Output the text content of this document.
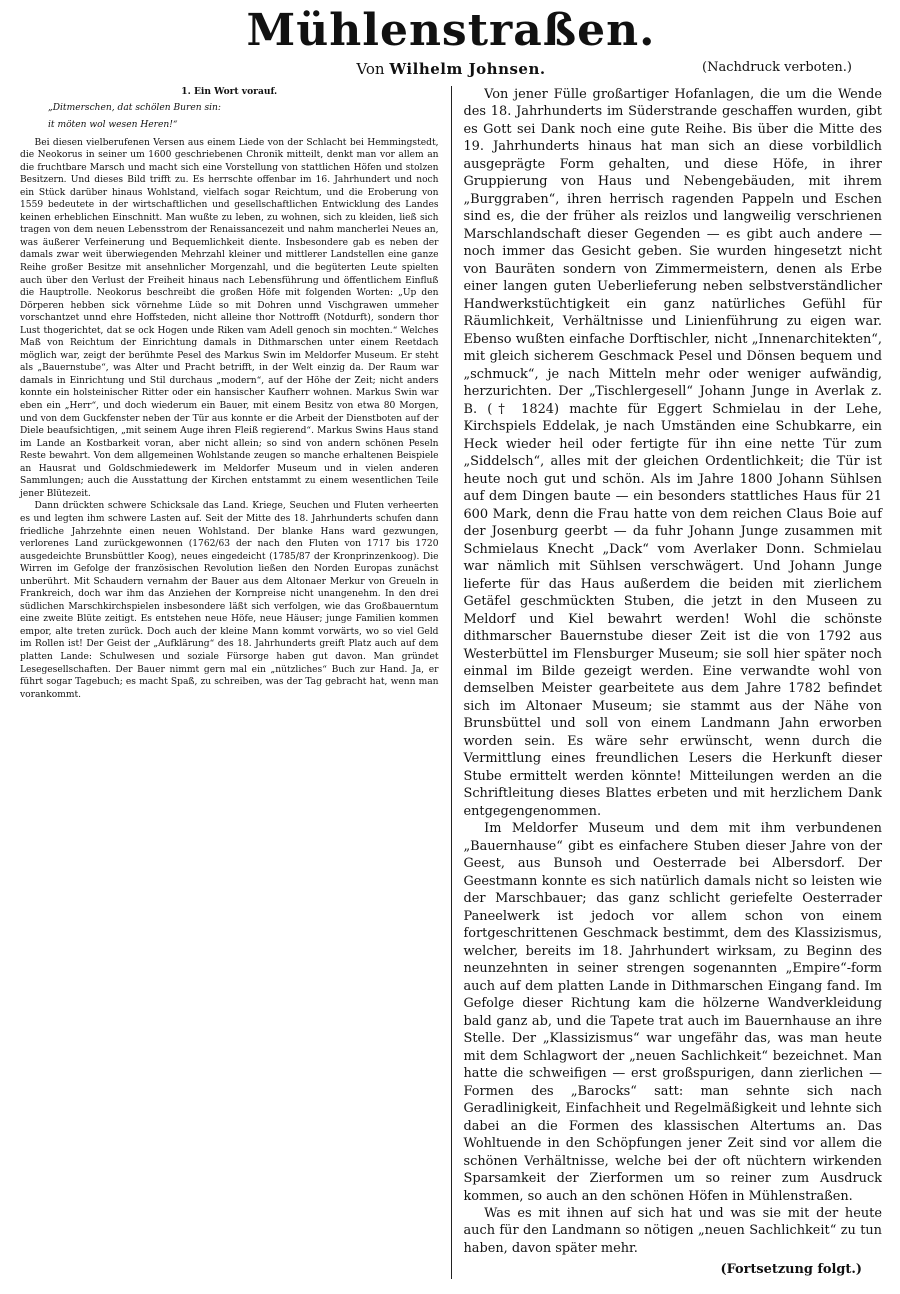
Mühlenstraßen.
Von Wilhelm Johnsen.	(Nachdruck verboten.)
1. Ein Wort vorauf.
„Ditmerschen, dat schölen Buren sin:
it möten wol wesen Heren!“

Bei diesen vielberufenen Versen aus einem Liede von der Schlacht bei Hemmingstedt, die Neokorus in seiner um 1600 geschriebenen Chronik mitteilt, denkt man vor allem an die fruchtbare Marsch und macht sich eine Vorstellung von stattlichen Höfen und stolzen Besitzern. Und dieses Bild trifft zu. Es herrschte offenbar im 16. Jahrhundert und noch ein Stück darüber hinaus Wohlstand, vielfach sogar Reichtum, und die Eroberung von 1559 bedeutete in der wirtschaftlichen und gesellschaftlichen Entwicklung des Landes keinen erheblichen Einschnitt. Man wußte zu leben, zu wohnen, sich zu kleiden, ließ sich tragen von dem neuen Lebensstrom der Renaissancezeit und nahm mancherlei Neues an, was äußerer Verfeinerung und Bequemlichkeit diente. Insbesondere gab es neben der damals zwar weit überwiegenden Mehrzahl kleiner und mittlerer Landstellen eine ganze Reihe großer Besitze mit ansehnlicher Morgenzahl, und die begüterten Leute spielten auch über den Verlust der Freiheit hinaus nach Lebensführung und öffentlichem Einfluß die Hauptrolle. Neokorus beschreibt die großen Höfe mit folgenden Worten: „Up den Dörperen hebben sick vörnehme Lüde so mit Dohren unnd Vischgrawen ummeher vorschantzet unnd ehre Hoffsteden, nicht alleine thor Nottrofft (Notdurft), sondern thor Lust thogerichtet, dat se ock Hogen unde Riken vam Adell genoch sin mochten.“ Welches Maß von Reichtum der Einrichtung damals in Dithmarschen unter einem Reetdach möglich war, zeigt der berühmte Pesel des Markus Swin im Meldorfer Museum. Er steht als „Bauernstube“, was Alter und Pracht betrifft, in der Welt einzig da. Der Raum war damals in Einrichtung und Stil durchaus „modern“, auf der Höhe der Zeit; nicht anders konnte ein holsteinischer Ritter oder ein hansischer Kaufherr wohnen. Markus Swin war eben ein „Herr“, und doch wiederum ein Bauer, mit einem Besitz von etwa 80 Morgen, und von dem Guckfenster neben der Tür aus konnte er die Arbeit der Dienstboten auf der Diele beaufsichtigen, „mit seinem Auge ihren Fleiß regierend“. Markus Swins Haus stand im Lande an Kostbarkeit voran, aber nicht allein; so sind von andern schönen Peseln Reste bewahrt. Von dem allgemeinen Wohlstande zeugen so manche erhaltenen Beispiele an Hausrat und Goldschmiedewerk im Meldorfer Museum und in vielen anderen Sammlungen; auch die Ausstattung der Kirchen entstammt zu einem wesentlichen Teile jener Blütezeit.

Dann drückten schwere Schicksale das Land. Kriege, Seuchen und Fluten verheerten es und legten ihm schwere Lasten auf. Seit der Mitte des 18. Jahrhunderts schufen dann friedliche Jahrzehnte einen neuen Wohlstand. Der blanke Hans ward gezwungen, verlorenes Land zurückgewonnen (1762/63 der nach den Fluten von 1717 bis 1720 ausgedeichte Brunsbüttler Koog), neues eingedeicht (1785/87 der Kronprinzenkoog). Die Wirren im Gefolge der französischen Revolution ließen den Norden Europas zunächst unberührt. Mit Schaudern vernahm der Bauer aus dem Altonaer Merkur von Greueln in Frankreich, doch war ihm das Anziehen der Kornpreise nicht unangenehm. In den drei südlichen Marschkirchspielen insbesondere läßt sich verfolgen, wie das Großbauerntum eine zweite Blüte zeitigt. Es entstehen neue Höfe, neue Häuser; junge Familien kommen empor, alte treten zurück. Doch auch der kleine Mann kommt vorwärts, wo so viel Geld im Rollen ist! Der Geist der „Aufklärung“ des 18. Jahrhunderts greift Platz auch auf dem platten Lande: Schulwesen und soziale Fürsorge haben gut davon. Man gründet Lesegesellschaften. Der Bauer nimmt gern mal ein „nützliches“ Buch zur Hand. Ja, er führt sogar Tagebuch; es macht Spaß, zu schreiben, was der Tag gebracht hat, wenn man vorankommt.

Von jener Fülle großartiger Hofanlagen, die um die Wende des 18. Jahrhunderts im Süderstrande geschaffen wurden, gibt es Gott sei Dank noch eine gute Reihe. Bis über die Mitte des 19. Jahrhunderts hinaus hat man sich an diese vorbildlich ausgeprägte Form gehalten, und diese Höfe, in ihrer Gruppierung von Haus und Nebengebäuden, mit ihrem „Burggraben“, ihren herrisch ragenden Pappeln und Eschen sind es, die der früher als reizlos und langweilig verschrienen Marschlandschaft dieser Gegenden — es gibt auch andere — noch immer das Gesicht geben. Sie wurden hingesetzt nicht von Bauräten sondern von Zimmermeistern, denen als Erbe einer langen guten Ueberlieferung neben selbstverständlicher Handwerkstüchtigkeit ein ganz natürliches Gefühl für Räumlichkeit, Verhältnisse und Linienführung zu eigen war. Ebenso wußten einfache Dorftischler, nicht „Innenarchitekten“, mit gleich sicherem Geschmack Pesel und Dönsen bequem und „schmuck“, je nach Mitteln mehr oder weniger aufwändig, herzurichten. Der „Tischlergesell“ Johann Junge in Averlak z. B. († 1824) machte für Eggert Schmielau in der Lehe, Kirchspiels Eddelak, je nach Umständen eine Schubkarre, ein Heck wieder heil oder fertigte für ihn eine nette Tür zum „Siddelsch“, alles mit der gleichen Ordentlichkeit; die Tür ist heute noch gut und schön. Als im Jahre 1800 Johann Sühlsen auf dem Dingen baute — ein besonders stattliches Haus für 21 600 Mark, denn die Frau hatte von dem reichen Claus Boie auf der Josenburg geerbt — da fuhr Johann Junge zusammen mit Schmielaus Knecht „Dack“ vom Averlaker Donn. Schmielau war nämlich mit Sühlsen verschwägert. Und Johann Junge lieferte für das Haus außerdem die beiden mit zierlichem Getäfel geschmückten Stuben, die jetzt in den Museen zu Meldorf und Kiel bewahrt werden! Wohl die schönste dithmarscher Bauernstube dieser Zeit ist die von 1792 aus Westerbüttel im Flensburger Museum; sie soll hier später noch einmal im Bilde gezeigt werden. Eine verwandte wohl von demselben Meister gearbeitete aus dem Jahre 1782 befindet sich im Altonaer Museum; sie stammt aus der Nähe von Brunsbüttel und soll von einem Landmann Jahn erworben worden sein. Es wäre sehr erwünscht, wenn durch die Vermittlung eines freundlichen Lesers die Herkunft dieser Stube ermittelt werden könnte! Mitteilungen werden an die Schriftleitung dieses Blattes erbeten und mit herzlichem Dank entgegengenommen.

Im Meldorfer Museum und dem mit ihm verbundenen „Bauernhause“ gibt es einfachere Stuben dieser Jahre von der Geest, aus Bunsoh und Oesterrade bei Albersdorf. Der Geestmann konnte es sich natürlich damals nicht so leisten wie der Marschbauer; das ganz schlicht geriefelte Oesterrader Paneelwerk ist jedoch vor allem schon von einem fortgeschrittenen Geschmack bestimmt, dem des Klassizismus, welcher, bereits im 18. Jahrhundert wirksam, zu Beginn des neunzehnten in seiner strengen sogenannten „Empire“-form auch auf dem platten Lande in Dithmarschen Eingang fand. Im Gefolge dieser Richtung kam die hölzerne Wandverkleidung bald ganz ab, und die Tapete trat auch im Bauernhause an ihre Stelle. Der „Klassizismus“ war ungefähr das, was man heute mit dem Schlagwort der „neuen Sachlichkeit“ bezeichnet. Man hatte die schweifigen — erst großspurigen, dann zierlichen — Formen des „Barocks“ satt: man sehnte sich nach Geradlinigkeit, Einfachheit und Regelmäßigkeit und lehnte sich dabei an die Formen des klassischen Altertums an. Das Wohltuende in den Schöpfungen jener Zeit sind vor allem die schönen Verhältnisse, welche bei der oft nüchtern wirkenden Sparsamkeit der Zierformen um so reiner zum Ausdruck kommen, so auch an den schönen Höfen in Mühlenstraßen.

Was es mit ihnen auf sich hat und was sie mit der heute auch für den Landmann so nötigen „neuen Sachlichkeit“ zu tun haben, davon später mehr.

(Fortsetzung folgt.)
